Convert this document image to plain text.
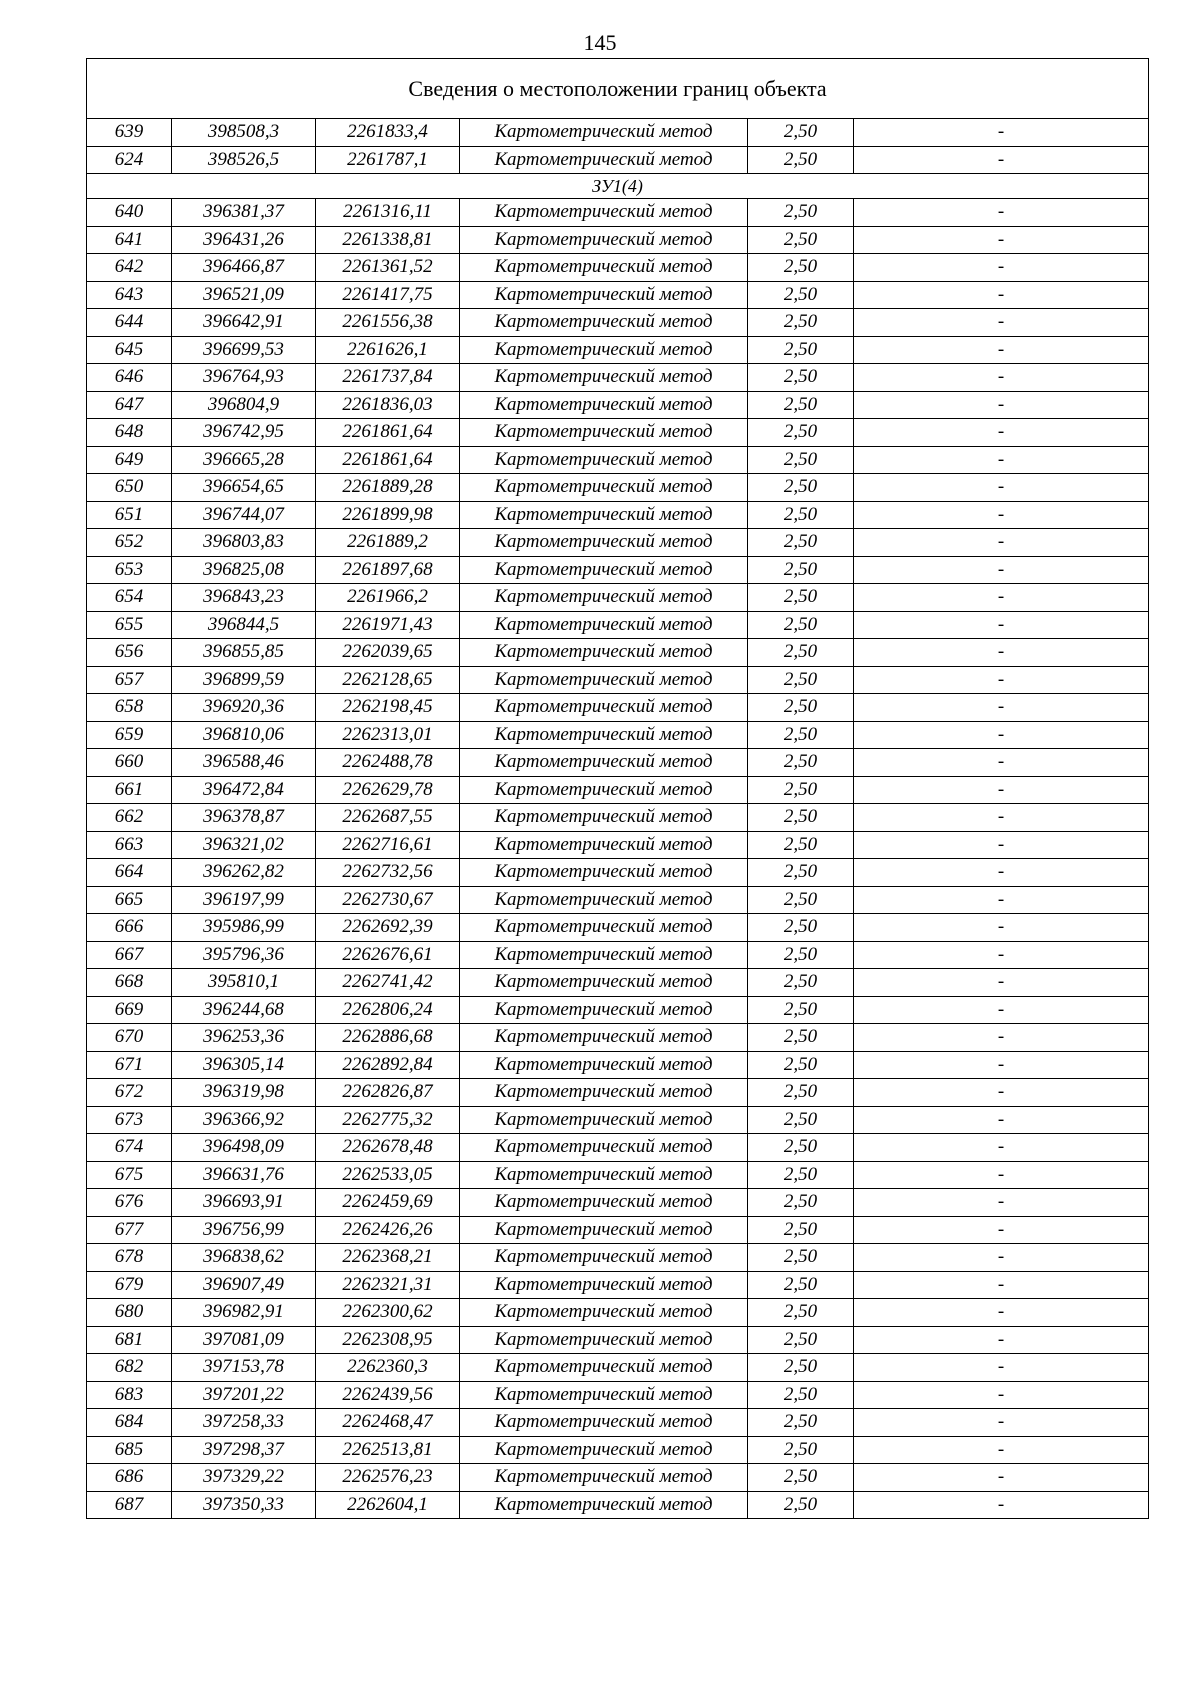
145
Сведения о местоположении границ объекта					
639	398508,3	2261833,4	Картометрический метод	2,50	-
624	398526,5	2261787,1	Картометрический метод	2,50	-
ЗУ1(4)					
640	396381,37	2261316,11	Картометрический метод	2,50	-
641	396431,26	2261338,81	Картометрический метод	2,50	-
642	396466,87	2261361,52	Картометрический метод	2,50	-
643	396521,09	2261417,75	Картометрический метод	2,50	-
644	396642,91	2261556,38	Картометрический метод	2,50	-
645	396699,53	2261626,1	Картометрический метод	2,50	-
646	396764,93	2261737,84	Картометрический метод	2,50	-
647	396804,9	2261836,03	Картометрический метод	2,50	-
648	396742,95	2261861,64	Картометрический метод	2,50	-
649	396665,28	2261861,64	Картометрический метод	2,50	-
650	396654,65	2261889,28	Картометрический метод	2,50	-
651	396744,07	2261899,98	Картометрический метод	2,50	-
652	396803,83	2261889,2	Картометрический метод	2,50	-
653	396825,08	2261897,68	Картометрический метод	2,50	-
654	396843,23	2261966,2	Картометрический метод	2,50	-
655	396844,5	2261971,43	Картометрический метод	2,50	-
656	396855,85	2262039,65	Картометрический метод	2,50	-
657	396899,59	2262128,65	Картометрический метод	2,50	-
658	396920,36	2262198,45	Картометрический метод	2,50	-
659	396810,06	2262313,01	Картометрический метод	2,50	-
660	396588,46	2262488,78	Картометрический метод	2,50	-
661	396472,84	2262629,78	Картометрический метод	2,50	-
662	396378,87	2262687,55	Картометрический метод	2,50	-
663	396321,02	2262716,61	Картометрический метод	2,50	-
664	396262,82	2262732,56	Картометрический метод	2,50	-
665	396197,99	2262730,67	Картометрический метод	2,50	-
666	395986,99	2262692,39	Картометрический метод	2,50	-
667	395796,36	2262676,61	Картометрический метод	2,50	-
668	395810,1	2262741,42	Картометрический метод	2,50	-
669	396244,68	2262806,24	Картометрический метод	2,50	-
670	396253,36	2262886,68	Картометрический метод	2,50	-
671	396305,14	2262892,84	Картометрический метод	2,50	-
672	396319,98	2262826,87	Картометрический метод	2,50	-
673	396366,92	2262775,32	Картометрический метод	2,50	-
674	396498,09	2262678,48	Картометрический метод	2,50	-
675	396631,76	2262533,05	Картометрический метод	2,50	-
676	396693,91	2262459,69	Картометрический метод	2,50	-
677	396756,99	2262426,26	Картометрический метод	2,50	-
678	396838,62	2262368,21	Картометрический метод	2,50	-
679	396907,49	2262321,31	Картометрический метод	2,50	-
680	396982,91	2262300,62	Картометрический метод	2,50	-
681	397081,09	2262308,95	Картометрический метод	2,50	-
682	397153,78	2262360,3	Картометрический метод	2,50	-
683	397201,22	2262439,56	Картометрический метод	2,50	-
684	397258,33	2262468,47	Картометрический метод	2,50	-
685	397298,37	2262513,81	Картометрический метод	2,50	-
686	397329,22	2262576,23	Картометрический метод	2,50	-
687	397350,33	2262604,1	Картометрический метод	2,50	-
